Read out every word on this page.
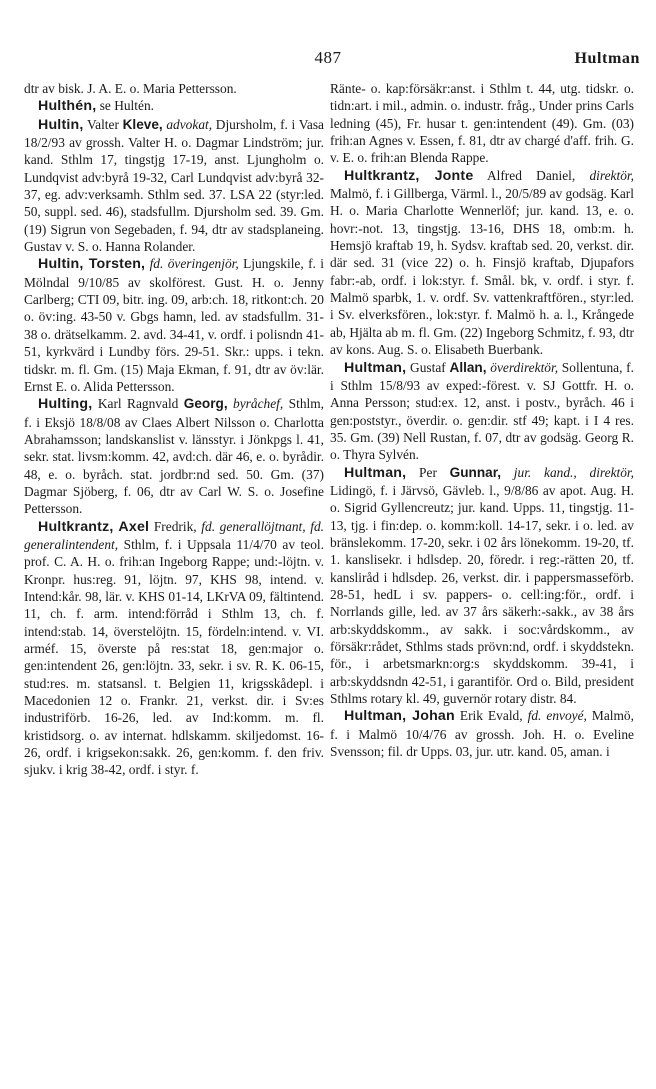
487	Hultman

dtr av bisk. J. A. E. o. Maria Pettersson.

Hulthén, se Hultén.

Hultin, Valter Kleve, advokat, Djursholm, f. i Vasa 18/2/93 av grossh. Valter H. o. Dagmar Lindström; jur. kand. Sthlm 17, tingstjg 17-19, anst. Ljungholm o. Lundqvist adv:byrå 19-32, Carl Lundqvist adv:byrå 32-37, eg. adv:verksamh. Sthlm sed. 37. LSA 22 (styr:led. 50, suppl. sed. 46), stadsfullm. Djursholm sed. 39. Gm. (19) Sigrun von Segebaden, f. 94, dtr av stadsplaneing. Gustav v. S. o. Hanna Rolander.

Hultin, Torsten, fd. överingenjör, Ljungskile, f. i Mölndal 9/10/85 av skolförest. Gust. H. o. Jenny Carlberg; CTI 09, bitr. ing. 09, arb:ch. 18, ritkont:ch. 20 o. öv:ing. 43-50 v. Gbgs hamn, led. av stadsfullm. 31-38 o. drätselkamm. 2. avd. 34-41, v. ordf. i polisndn 41-51, kyrkvärd i Lundby förs. 29-51. Skr.: upps. i tekn. tidskr. m. fl. Gm. (15) Maja Ekman, f. 91, dtr av öv:lär. Ernst E. o. Alida Pettersson.

Hulting, Karl Ragnvald Georg, byråchef, Sthlm, f. i Eksjö 18/8/08 av Claes Albert Nilsson o. Charlotta Abrahamsson; landskanslist v. länsstyr. i Jönkpgs l. 41, sekr. stat. livsm:komm. 42, avd:ch. där 46, e. o. byrådir. 48, e. o. byråch. stat. jordbr:nd sed. 50. Gm. (37) Dagmar Sjöberg, f. 06, dtr av Carl W. S. o. Josefine Pettersson.

Hultkrantz, Axel Fredrik, fd. generallöjtnant, fd. generalintendent, Sthlm, f. i Uppsala 11/4/70 av teol. prof. C. A. H. o. frih:an Ingeborg Rappe; und:-löjtn. v. Kronpr. hus:reg. 91, löjtn. 97, KHS 98, intend. v. Intend:kår. 98, lär. v. KHS 01-14, LKrVA 09, fältintend. 11, ch. f. arm. intend:förråd i Sthlm 13, ch. f. intend:stab. 14, överstelöjtn. 15, fördeln:intend. v. VI. arméf. 15, överste på res:stat 18, gen:major o. gen:intendent 26, gen:löjtn. 33, sekr. i sv. R. K. 06-15, stud:res. m. statsansl. t. Belgien 11, krigsskådepl. i Macedonien 12 o. Frankr. 21, verkst. dir. i Sv:es industriförb. 16-26, led. av Ind:komm. m. fl. kristidsorg. o. av internat. hdlskamm. skiljedomst. 16-26, ordf. i krigsekon:sakk. 26, gen:komm. f. den friv. sjukv. i krig 38-42, ordf. i styr. f.

Ränte- o. kap:försäkr:anst. i Sthlm t. 44, utg. tidskr. o. tidn:art. i mil., admin. o. industr. fråg., Under prins Carls ledning (45), Fr. husar t. gen:intendent (49). Gm. (03) frih:an Agnes v. Essen, f. 81, dtr av chargé d'aff. frih. G. v. E. o. frih:an Blenda Rappe.

Hultkrantz, Jonte Alfred Daniel, direktör, Malmö, f. i Gillberga, Värml. l., 20/5/89 av godsäg. Karl H. o. Maria Charlotte Wennerlöf; jur. kand. 13, e. o. hovr:-not. 13, tingstjg. 13-16, DHS 18, omb:m. h. Hemsjö kraftab 19, h. Sydsv. kraftab sed. 20, verkst. dir. där sed. 31 (vice 22) o. h. Finsjö kraftab, Djupafors fabr:-ab, ordf. i lok:styr. f. Smål. bk, v. ordf. i styr. f. Malmö sparbk, 1. v. ordf. Sv. vattenkraftfören., styr:led. i Sv. elverksfören., lok:styr. f. Malmö h. a. l., Krångede ab, Hjälta ab m. fl. Gm. (22) Ingeborg Schmitz, f. 93, dtr av kons. Aug. S. o. Elisabeth Buerbank.

Hultman, Gustaf Allan, överdirektör, Sollentuna, f. i Sthlm 15/8/93 av exped:-förest. v. SJ Gottfr. H. o. Anna Persson; stud:ex. 12, anst. i postv., byråch. 46 i gen:poststyr., överdir. o. gen:dir. stf 49; kapt. i I 4 res. 35. Gm. (39) Nell Rustan, f. 07, dtr av godsäg. Georg R. o. Thyra Sylvén.

Hultman, Per Gunnar, jur. kand., direktör, Lidingö, f. i Järvsö, Gävleb. l., 9/8/86 av apot. Aug. H. o. Sigrid Gyllencreutz; jur. kand. Upps. 11, tingstjg. 11-13, tjg. i fin:dep. o. komm:koll. 14-17, sekr. i o. led. av bränslekomm. 17-20, sekr. i 02 års lönekomm. 19-20, tf. 1. kanslisekr. i hdlsdep. 20, föredr. i reg:-rätten 20, tf. kansliråd i hdlsdep. 26, verkst. dir. i pappersmasseförb. 28-51, hedL i sv. pappers- o. cell:ing:för., ordf. i Norrlands gille, led. av 37 års säkerh:-sakk., av 38 års arb:skyddskomm., av sakk. i soc:vårdskomm., av försäkr:rådet, Sthlms stads prövn:nd, ordf. i skyddstekn. för., i arbetsmarkn:org:s skyddskomm. 39-41, i arb:skyddsndn 42-51, i garantiför. Ord o. Bild, president Sthlms rotary kl. 49, guvernör rotary distr. 84.

Hultman, Johan Erik Evald, fd. envoyé, Malmö, f. i Malmö 10/4/76 av grossh. Joh. H. o. Eveline Svensson; fil. dr Upps. 03, jur. utr. kand. 05, aman. i
